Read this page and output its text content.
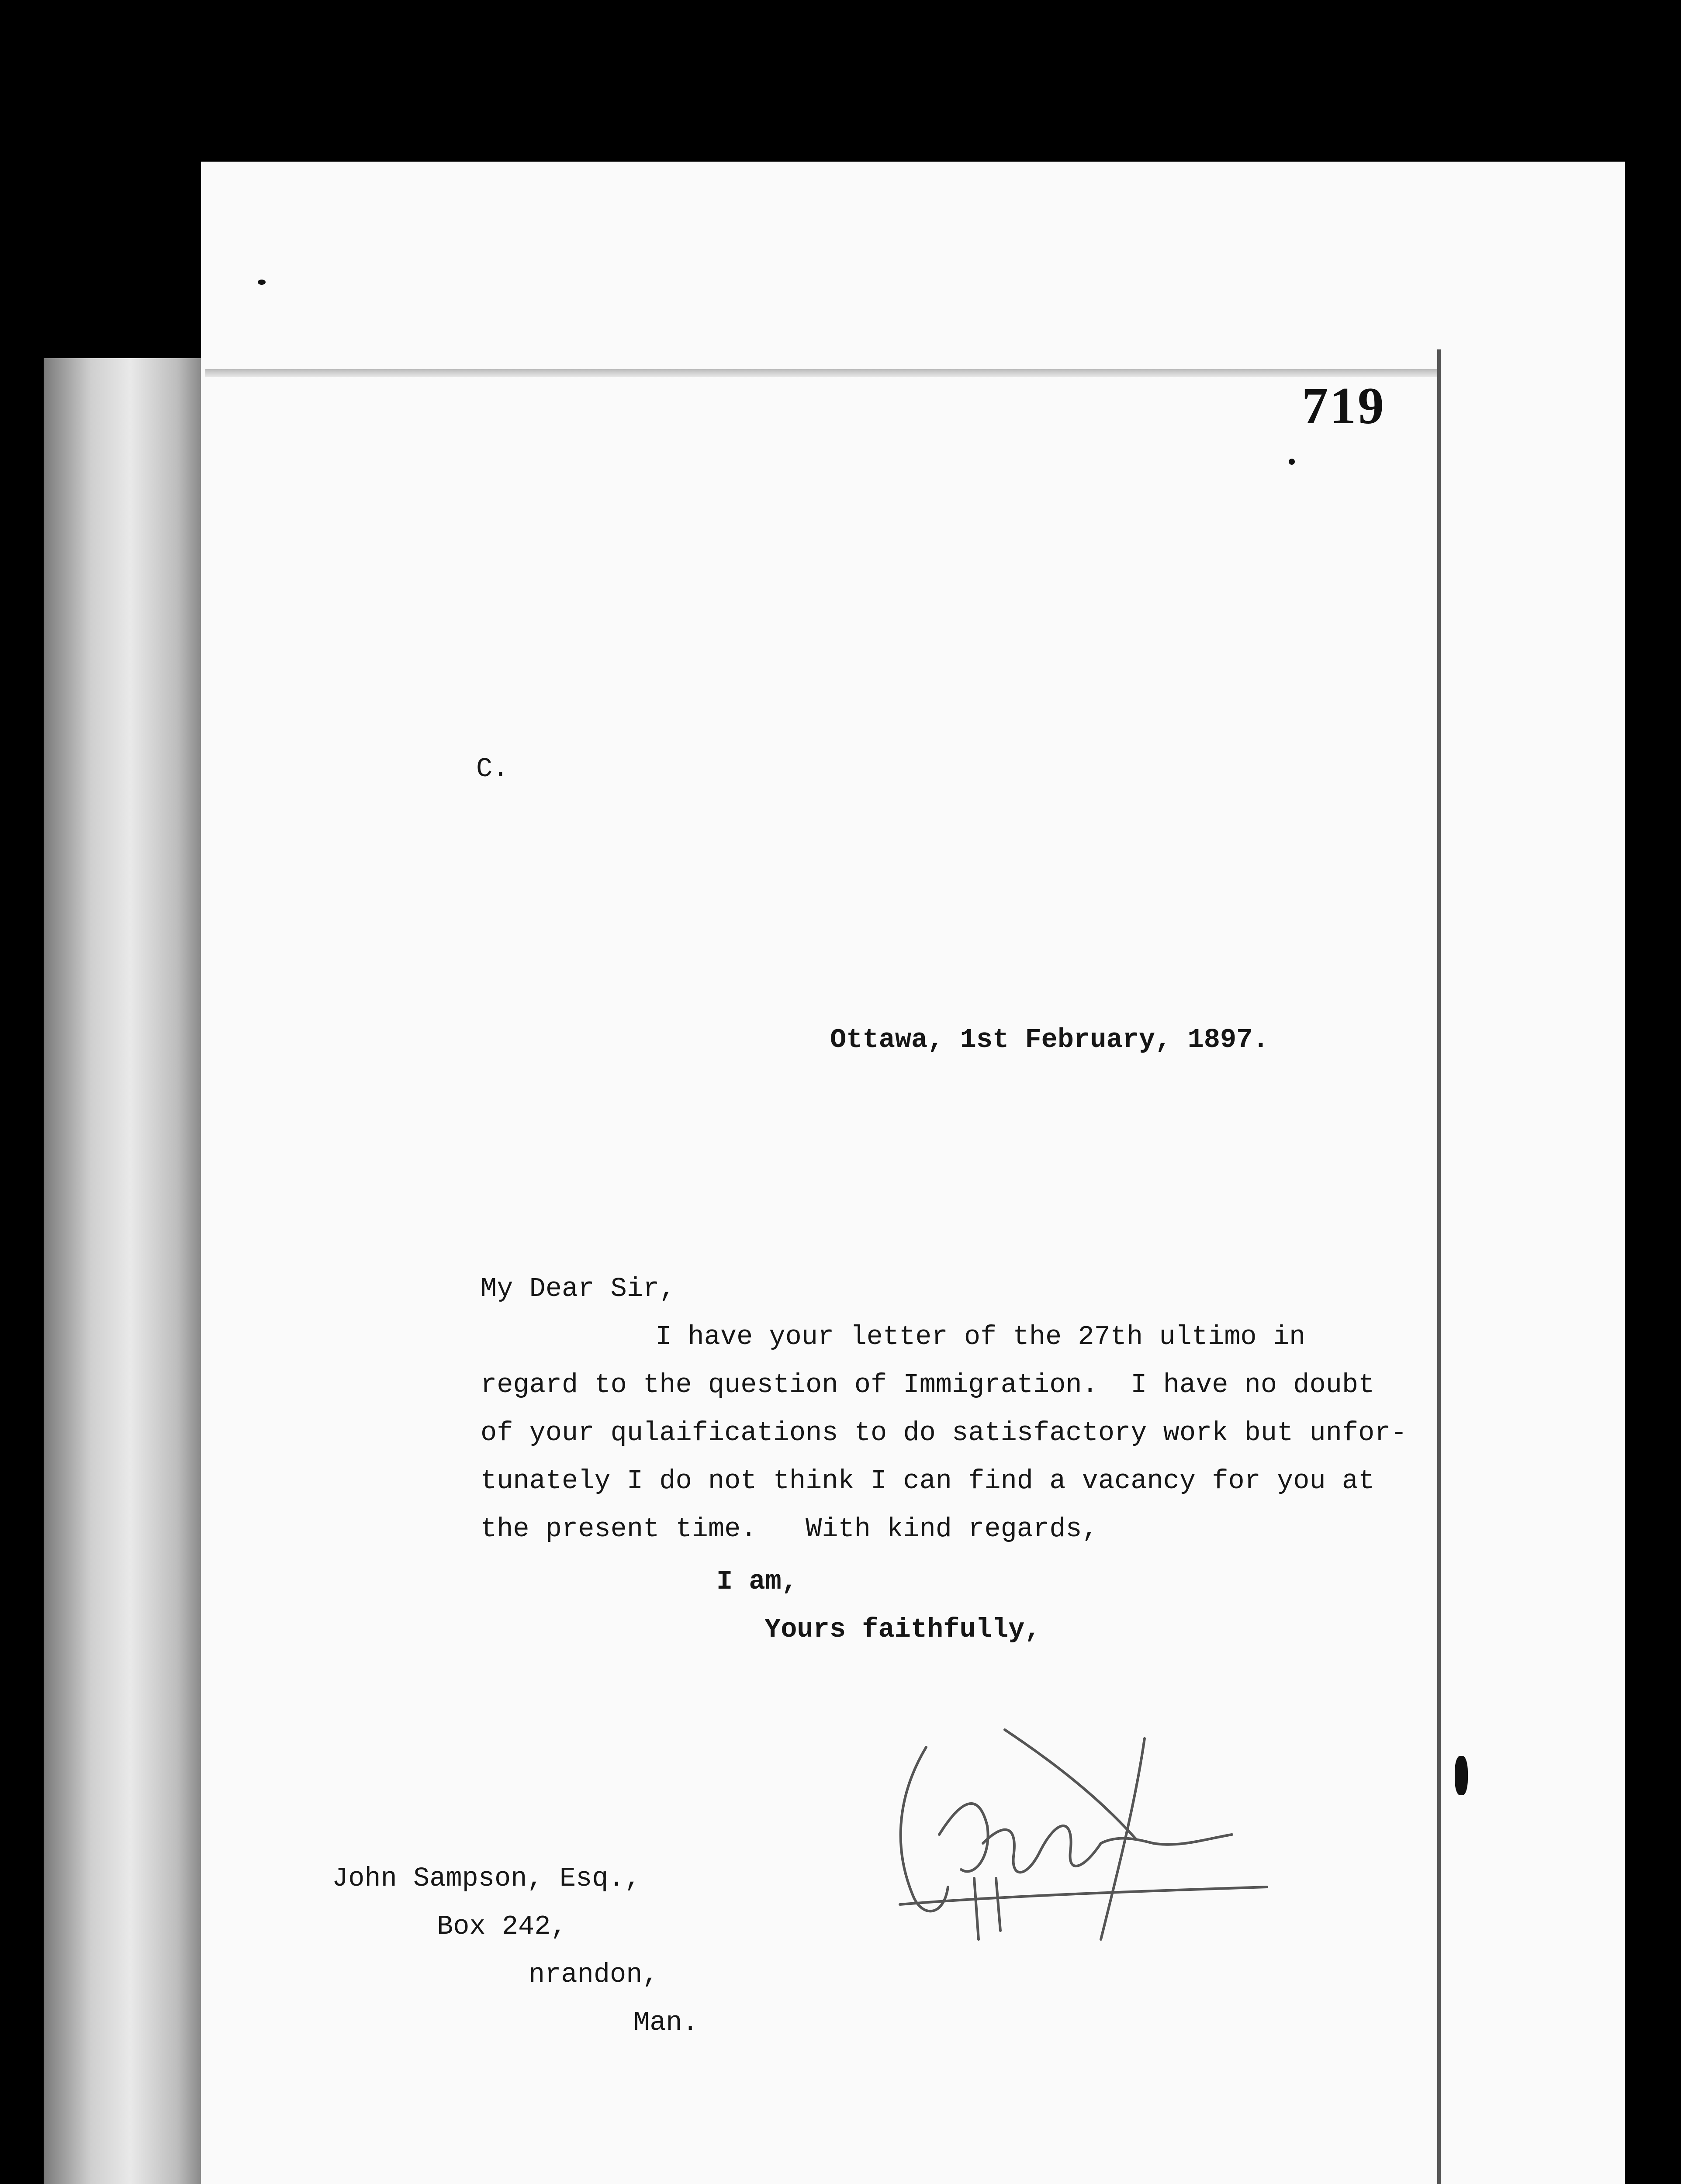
719
C.
Ottawa, 1st February, 1897.
My Dear Sir,
I have your letter of the 27th ultimo in
regard to the question of Immigration.  I have no doubt
of your qulaifications to do satisfactory work but unfor-
tunately I do not think I can find a vacancy for you at
the present time.   With kind regards,
I am,
Yours faithfully,
John Sampson, Esq.,
Box 242,
nrandon,
Man.
